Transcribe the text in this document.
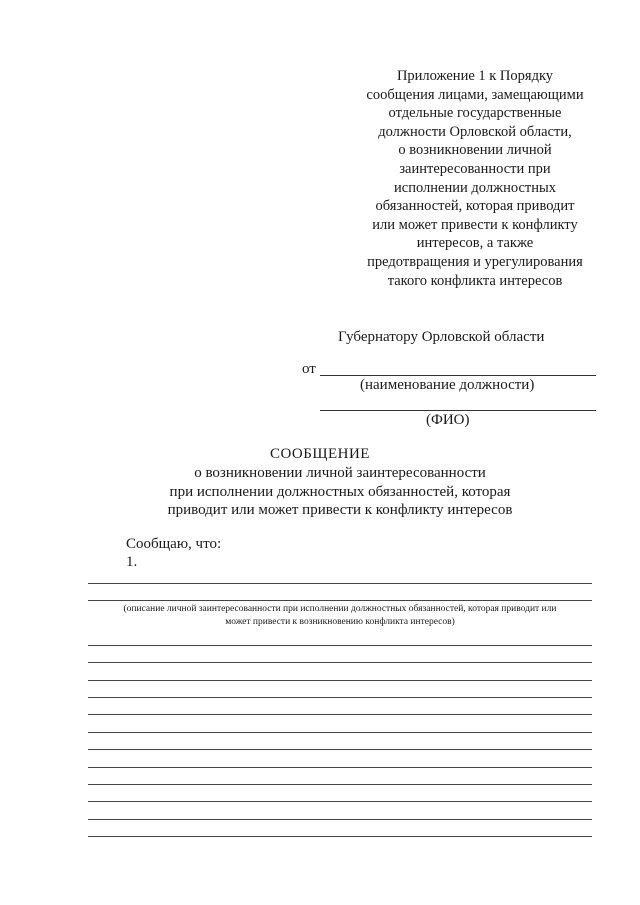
Приложение 1 к Порядку
сообщения лицами, замещающими
отдельные государственные
должности Орловской области,
о возникновении личной
заинтересованности при
исполнении должностных
обязанностей, которая приводит
или может привести к конфликту
интересов, а также
предотвращения и урегулирования
такого конфликта интересов
Губернатору Орловской области
от
(наименование должности)
(ФИО)
СООБЩЕНИЕ
о возникновении личной заинтересованности
при исполнении должностных обязанностей, которая
приводит или может привести к конфликту интересов
Сообщаю, что:
1.
(описание личной заинтересованности при исполнении должностных обязанностей, которая приводит или
может привести к возникновению конфликта интересов)
